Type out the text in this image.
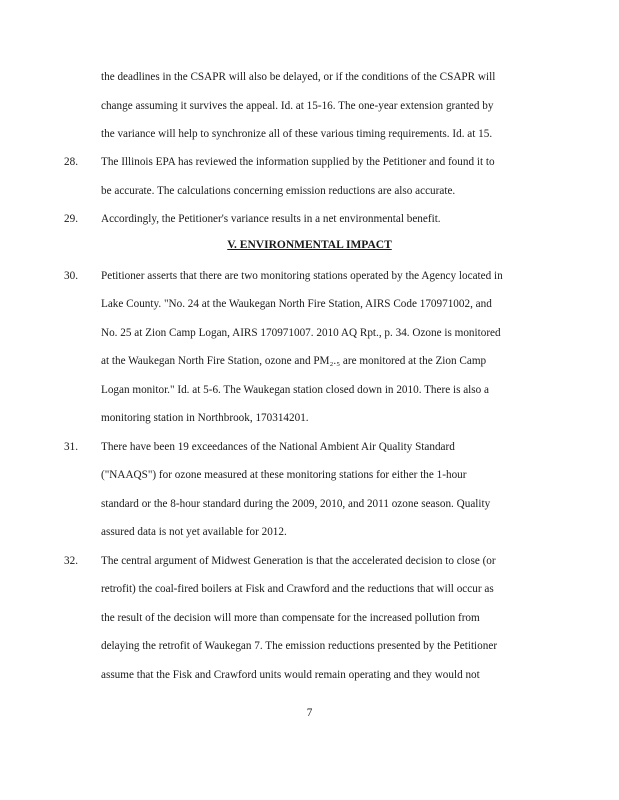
the deadlines in the CSAPR will also be delayed, or if the conditions of the CSAPR will
change assuming it survives the appeal. Id. at 15-16. The one-year extension granted by
the variance will help to synchronize all of these various timing requirements. Id. at 15.
28. The Illinois EPA has reviewed the information supplied by the Petitioner and found it to
be accurate. The calculations concerning emission reductions are also accurate.
29. Accordingly, the Petitioner's variance results in a net environmental benefit.
V. ENVIRONMENTAL IMPACT
30. Petitioner asserts that there are two monitoring stations operated by the Agency located in
Lake County. "No. 24 at the Waukegan North Fire Station, AIRS Code 170971002, and
No. 25 at Zion Camp Logan, AIRS 170971007. 2010 AQ Rpt., p. 34. Ozone is monitored
at the Waukegan North Fire Station, ozone and PM₂.₅ are monitored at the Zion Camp
Logan monitor." Id. at 5-6. The Waukegan station closed down in 2010. There is also a
monitoring station in Northbrook, 170314201.
31. There have been 19 exceedances of the National Ambient Air Quality Standard
("NAAQS") for ozone measured at these monitoring stations for either the 1-hour
standard or the 8-hour standard during the 2009, 2010, and 2011 ozone season. Quality
assured data is not yet available for 2012.
32. The central argument of Midwest Generation is that the accelerated decision to close (or
retrofit) the coal-fired boilers at Fisk and Crawford and the reductions that will occur as
the result of the decision will more than compensate for the increased pollution from
delaying the retrofit of Waukegan 7. The emission reductions presented by the Petitioner
assume that the Fisk and Crawford units would remain operating and they would not
7
